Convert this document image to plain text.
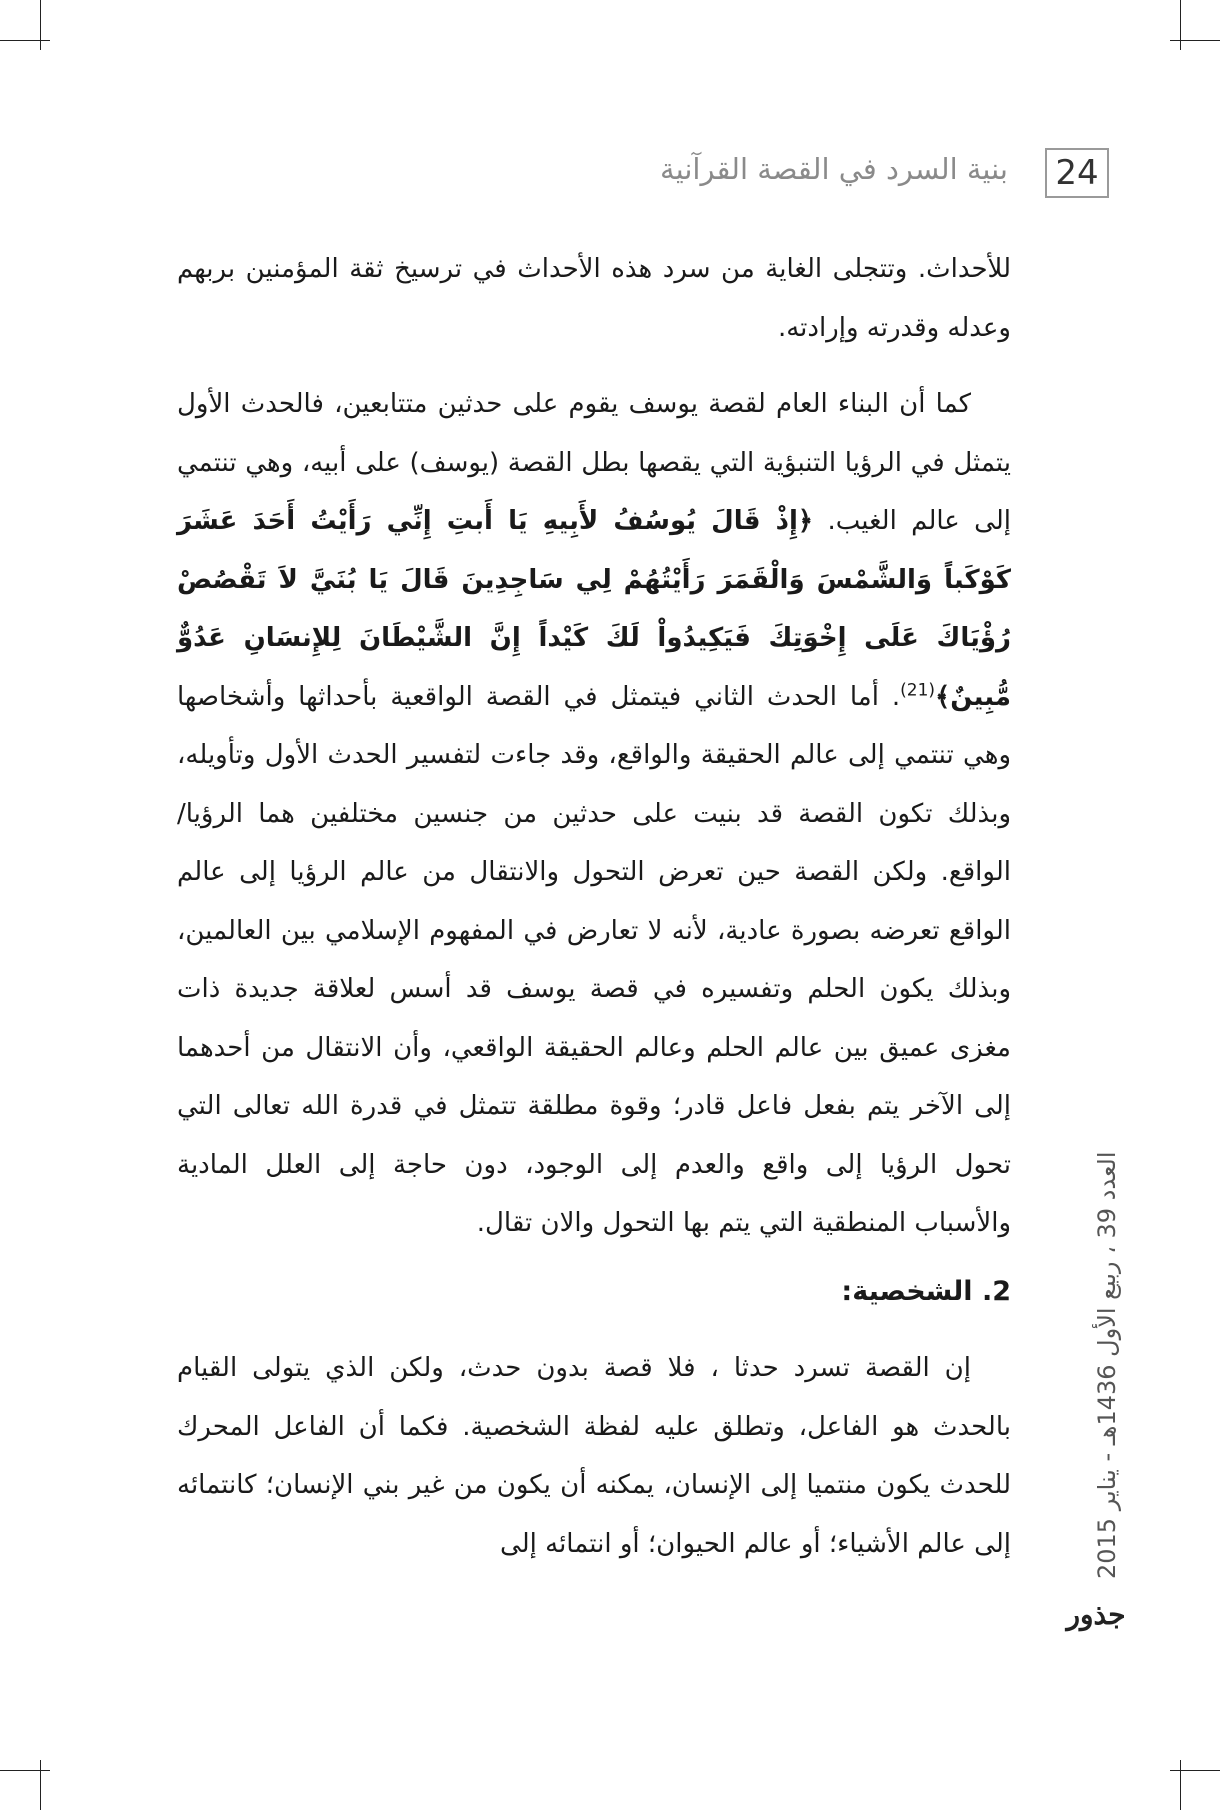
24
بنية السرد في القصة القرآنية

للأحداث. وتتجلى الغاية من سرد هذه الأحداث في ترسيخ ثقة المؤمنين بربهم وعدله وقدرته وإرادته.

كما أن البناء العام لقصة يوسف يقوم على حدثين متتابعين، فالحدث الأول يتمثل في الرؤيا التنبؤية التي يقصها بطل القصة (يوسف) على أبيه، وهي تنتمي إلى عالم الغيب. ﴿إِذْ قَالَ يُوسُفُ لأَبِيهِ يَا أَبتِ إِنِّي رَأَيْتُ أَحَدَ عَشَرَ كَوْكَباً وَالشَّمْسَ وَالْقَمَرَ رَأَيْتُهُمْ لِي سَاجِدِينَ قَالَ يَا بُنَيَّ لاَ تَقْصُصْ رُؤْيَاكَ عَلَى إِخْوَتِكَ فَيَكِيدُواْ لَكَ كَيْداً إِنَّ الشَّيْطَانَ لِلإِنسَانِ عَدُوٌّ مُّبِينٌ﴾$^{(21)}$. أما الحدث الثاني فيتمثل في القصة الواقعية بأحداثها وأشخاصها وهي تنتمي إلى عالم الحقيقة والواقع، وقد جاءت لتفسير الحدث الأول وتأويله، وبذلك تكون القصة قد بنيت على حدثين من جنسين مختلفين هما الرؤيا/ الواقع. ولكن القصة حين تعرض التحول والانتقال من عالم الرؤيا إلى عالم الواقع تعرضه بصورة عادية، لأنه لا تعارض في المفهوم الإسلامي بين العالمين، وبذلك يكون الحلم وتفسيره في قصة يوسف قد أسس لعلاقة جديدة ذات مغزى عميق بين عالم الحلم وعالم الحقيقة الواقعي، وأن الانتقال من أحدهما إلى الآخر يتم بفعل فاعل قادر؛ وقوة مطلقة تتمثل في قدرة الله تعالى التي تحول الرؤيا إلى واقع والعدم إلى الوجود، دون حاجة إلى العلل المادية والأسباب المنطقية التي يتم بها التحول والان تقال.

2. الشخصية:

إن القصة تسرد حدثا ، فلا قصة بدون حدث، ولكن الذي يتولى القيام بالحدث هو الفاعل، وتطلق عليه لفظة الشخصية. فكما أن الفاعل المحرك للحدث يكون منتميا إلى الإنسان، يمكنه أن يكون من غير بني الإنسان؛ كانتمائه إلى عالم الأشياء؛ أو عالم الحيوان؛ أو انتمائه إلى	العدد 39 ، ربيع الأول 1436هـ - يناير 2015
جذور
